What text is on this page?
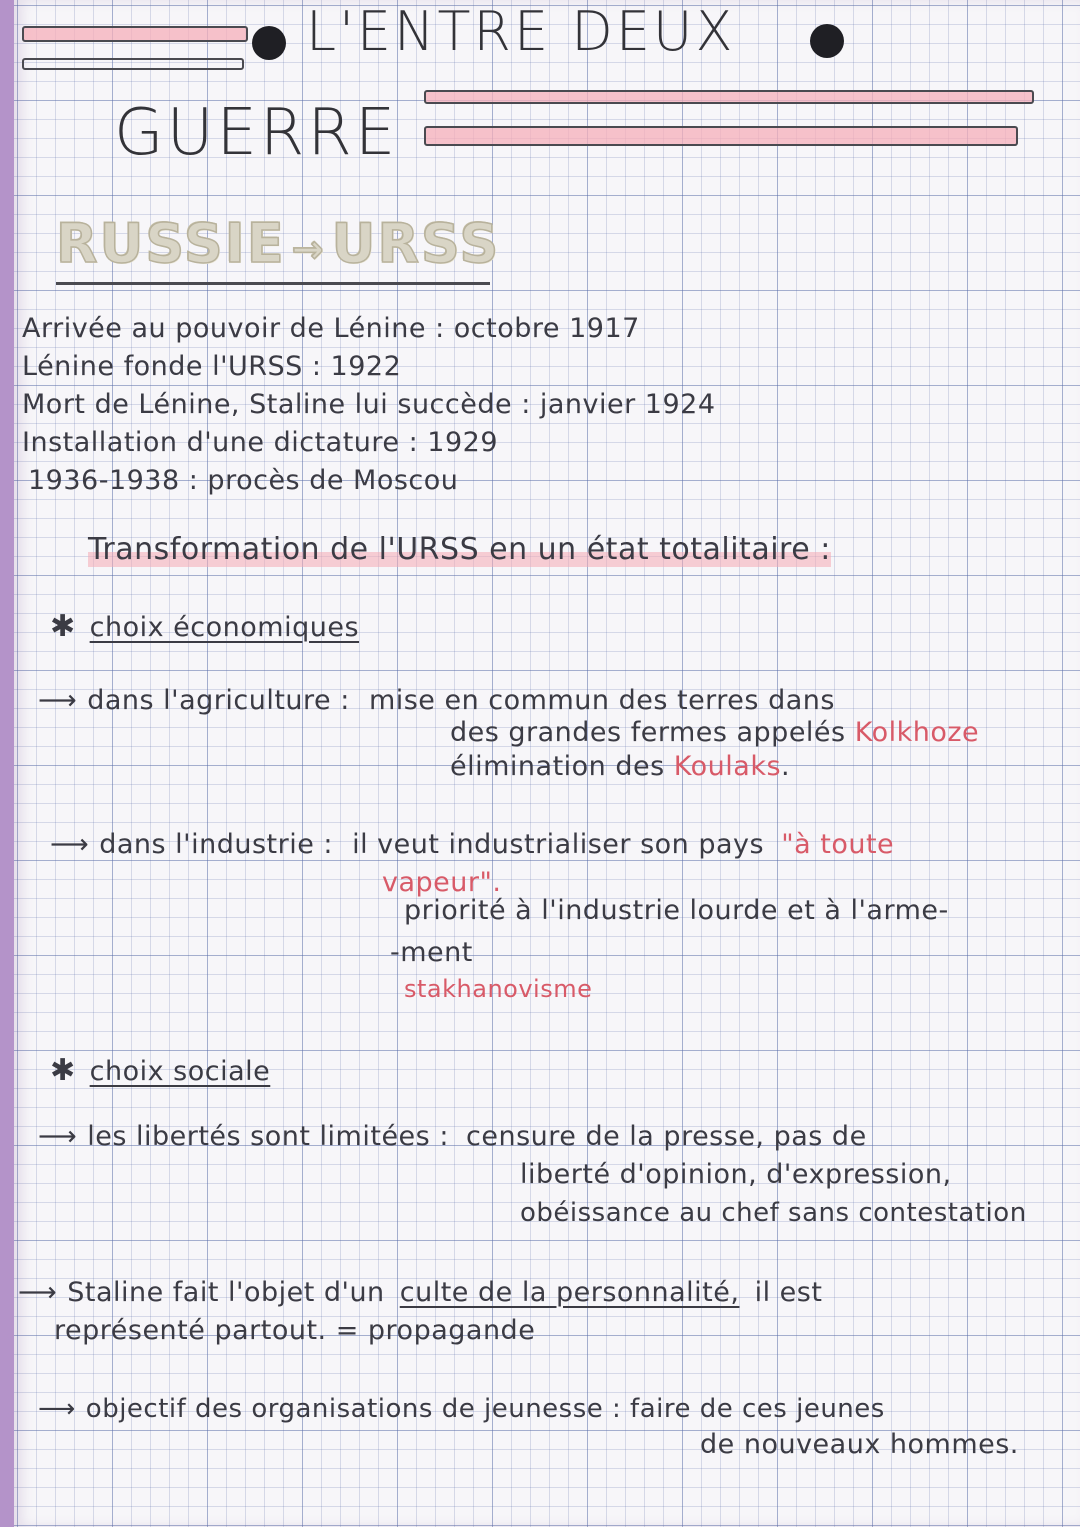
L'ENTRE DEUX
GUERRE
RUSSIE → URSS
Arrivée au pouvoir de Lénine : octobre 1917
Lénine fonde l'URSS : 1922
Mort de Lénine, Staline lui succède : janvier 1924
Installation d'une dictature : 1929
1936-1938 : procès de Moscou
Transformation de l'URSS en un état totalitaire :
✱ choix économiques
⟶ dans l'agriculture : mise en commun des terres dans
des grandes fermes appelés Kolkhoze
élimination des Koulaks.
⟶ dans l'industrie : il veut industrialiser son pays "à toute
vapeur".
priorité à l'industrie lourde et à l'arme-
-ment
stakhanovisme
✱ choix sociale
⟶ les libertés sont limitées : censure de la presse, pas de
liberté d'opinion, d'expression,
obéissance au chef sans contestation
⟶ Staline fait l'objet d'un culte de la personnalité, il est
représenté partout. = propagande
⟶ objectif des organisations de jeunesse : faire de ces jeunes
de nouveaux hommes.
